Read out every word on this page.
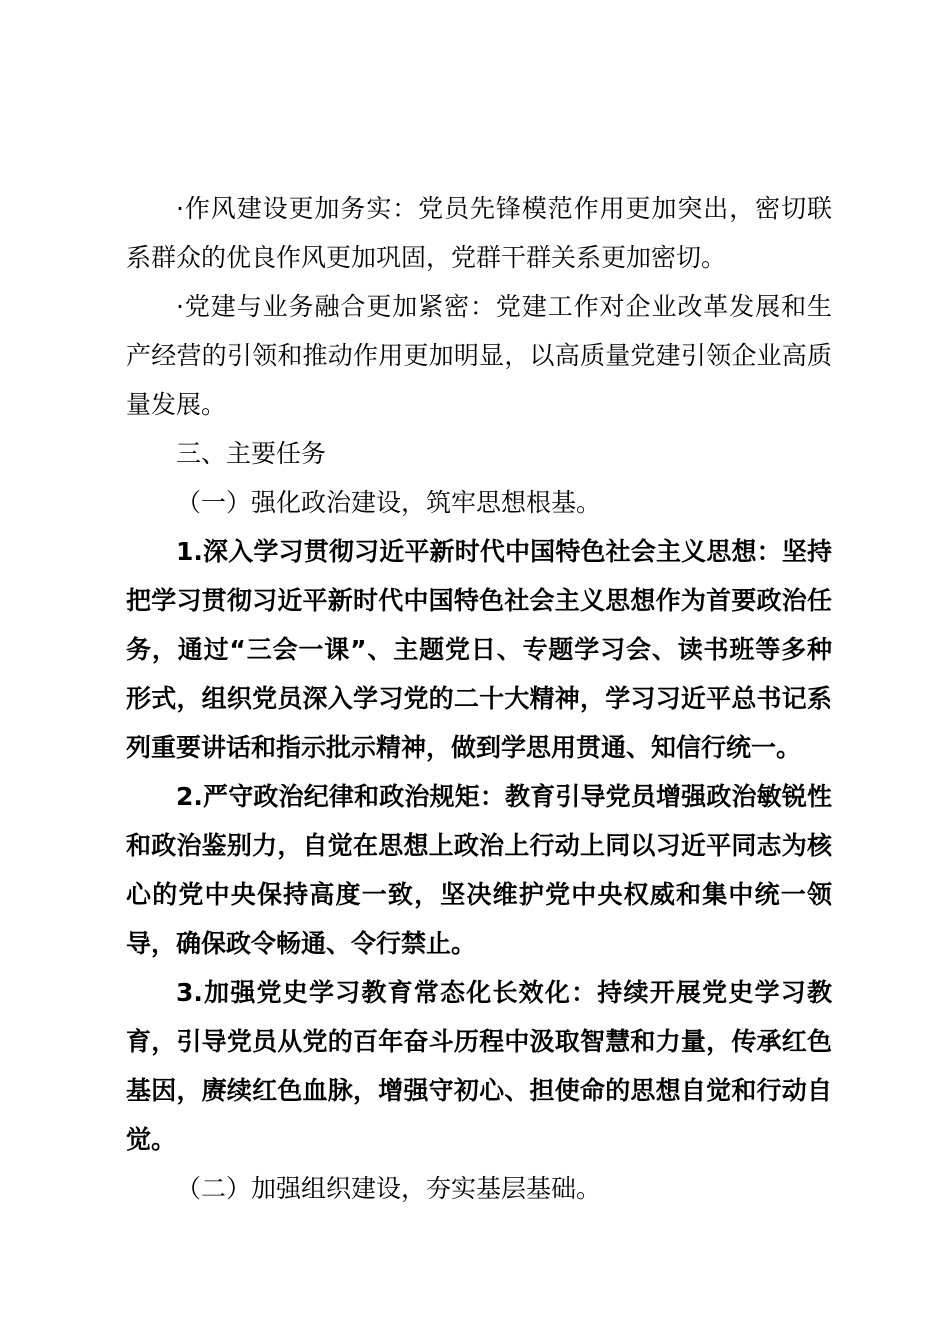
·作风建设更加务实：党员先锋模范作用更加突出，密切联系群众的优良作风更加巩固，党群干群关系更加密切。

·党建与业务融合更加紧密：党建工作对企业改革发展和生产经营的引领和推动作用更加明显，以高质量党建引领企业高质量发展。

三、主要任务

（一）强化政治建设，筑牢思想根基。

1.深入学习贯彻习近平新时代中国特色社会主义思想：坚持把学习贯彻习近平新时代中国特色社会主义思想作为首要政治任务，通过“三会一课”、主题党日、专题学习会、读书班等多种形式，组织党员深入学习党的二十大精神，学习习近平总书记系列重要讲话和指示批示精神，做到学思用贯通、知信行统一。

2.严守政治纪律和政治规矩：教育引导党员增强政治敏锐性和政治鉴别力，自觉在思想上政治上行动上同以习近平同志为核心的党中央保持高度一致，坚决维护党中央权威和集中统一领导，确保政令畅通、令行禁止。

3.加强党史学习教育常态化长效化：持续开展党史学习教育，引导党员从党的百年奋斗历程中汲取智慧和力量，传承红色基因，赓续红色血脉，增强守初心、担使命的思想自觉和行动自觉。

（二）加强组织建设，夯实基层基础。
